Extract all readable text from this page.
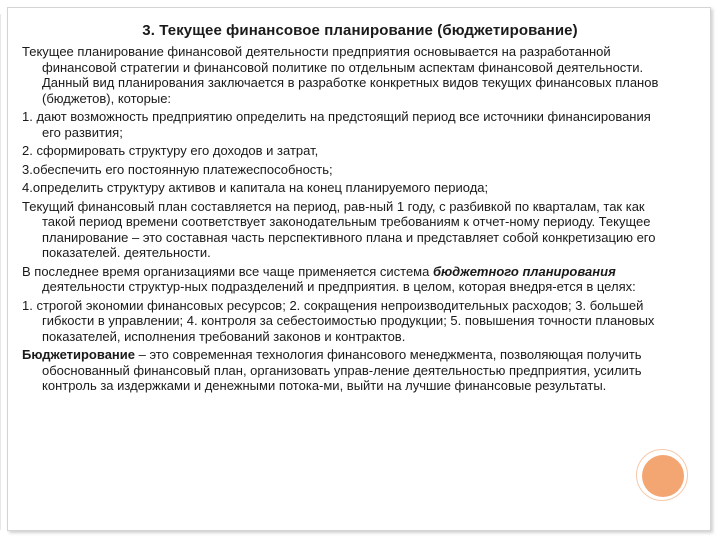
3. Текущее финансовое планирование (бюджетирование)

Текущее планирование финансовой деятельности предприятия основывается на разработанной финансовой стратегии и финансовой политике по отдельным аспектам финансовой деятельности. Данный вид планирования заключается в разработке конкретных видов текущих финансовых планов (бюджетов), которые:

1. дают возможность предприятию определить на предстоящий период все источники финансирования его развития;

2. сформировать структуру его доходов и затрат,

3.обеспечить его постоянную платежеспособность;

4.определить структуру активов и капитала на конец планируемого периода;

Текущий финансовый план составляется на период, рав-ный 1 году, с разбивкой по кварталам, так как такой период времени соответствует законодательным требованиям к отчет-ному периоду. Текущее планирование – это составная часть перспективного плана и представляет собой конкретизацию его показателей. деятельности.

В последнее время организациями все чаще применяется система бюджетного планирования деятельности структур-ных подразделений и предприятия. в целом, которая внедря-ется в целях:

1. строгой экономии финансовых ресурсов; 2. сокращения непроизводительных расходов; 3. большей гибкости в управлении; 4. контроля за себестоимостью продукции; 5. повышения точности плановых показателей, исполнения требований законов и контрактов.

Бюджетирование – это современная технология финансового менеджмента, позволяющая получить обоснованный финансовый план, организовать управ-ление деятельностью предприятия, усилить контроль за издержками и денежными потока-ми, выйти на лучшие финансовые результаты.
